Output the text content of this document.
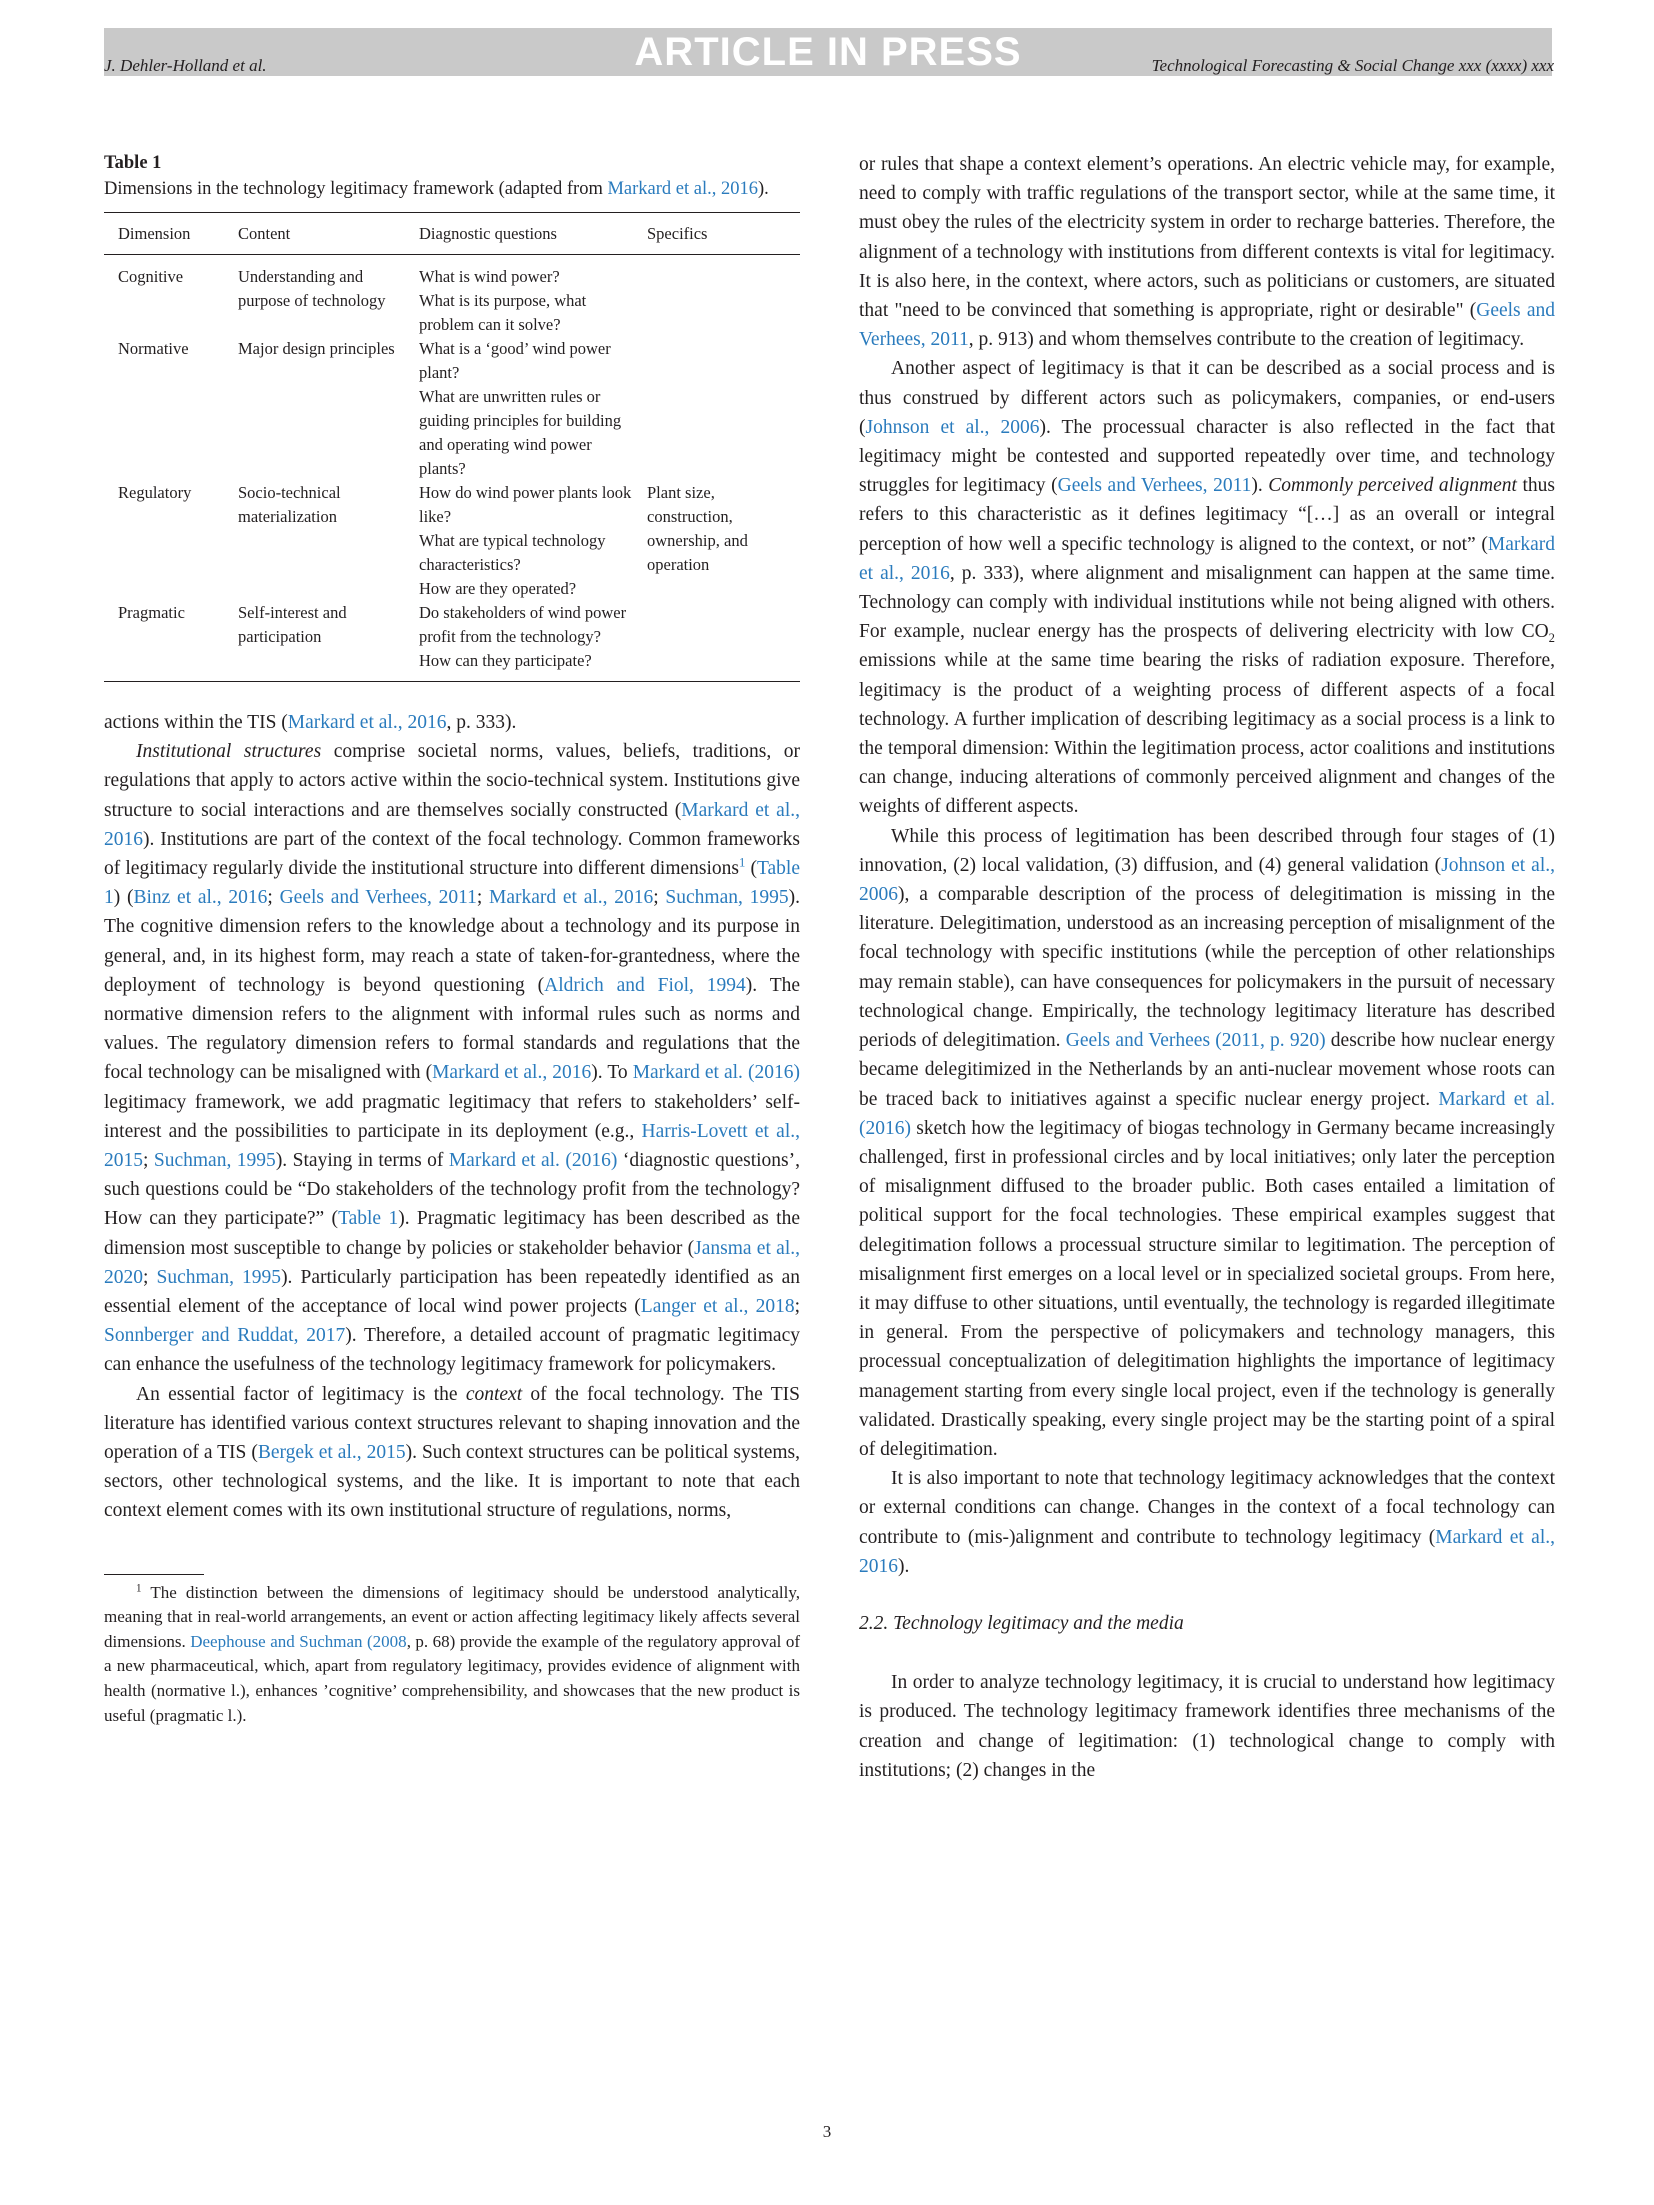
ARTICLE IN PRESS
J. Dehler-Holland et al.	Technological Forecasting & Social Change xxx (xxxx) xxx
Table 1
Dimensions in the technology legitimacy framework (adapted from Markard et al., 2016).
Dimension	Content	Diagnostic questions	Specifics
Cognitive	Understanding and purpose of technology	What is wind power?
What is its purpose, what problem can it solve?	
Normative	Major design principles	What is a ‘good’ wind power plant?
What are unwritten rules or guiding principles for building and operating wind power plants?	
Regulatory	Socio-technical materialization	How do wind power plants look like?
What are typical technology characteristics?
How are they operated?	Plant size, construction, ownership, and operation
Pragmatic	Self-interest and participation	Do stakeholders of wind power profit from the technology? How can they participate?	

actions within the TIS (Markard et al., 2016, p. 333).

Institutional structures comprise societal norms, values, beliefs, traditions, or regulations that apply to actors active within the socio-technical system. Institutions give structure to social interactions and are themselves socially constructed (Markard et al., 2016). Institutions are part of the context of the focal technology. Common frameworks of legitimacy regularly divide the institutional structure into different dimensions$^1$ (Table 1) (Binz et al., 2016; Geels and Verhees, 2011; Markard et al., 2016; Suchman, 1995). The cognitive dimension refers to the knowledge about a technology and its purpose in general, and, in its highest form, may reach a state of taken-for-grantedness, where the deployment of technology is beyond questioning (Aldrich and Fiol, 1994). The normative dimension refers to the alignment with informal rules such as norms and values. The regulatory dimension refers to formal standards and regulations that the focal technology can be misaligned with (Markard et al., 2016). To Markard et al. (2016) legitimacy framework, we add pragmatic legitimacy that refers to stakeholders’ self-interest and the possibilities to participate in its deployment (e.g., Harris-Lovett et al., 2015; Suchman, 1995). Staying in terms of Markard et al. (2016) ‘diagnostic questions’, such questions could be “Do stakeholders of the technology profit from the technology? How can they participate?” (Table 1). Pragmatic legitimacy has been described as the dimension most susceptible to change by policies or stakeholder behavior (Jansma et al., 2020; Suchman, 1995). Particularly participation has been repeatedly identified as an essential element of the acceptance of local wind power projects (Langer et al., 2018; Sonnberger and Ruddat, 2017). Therefore, a detailed account of pragmatic legitimacy can enhance the usefulness of the technology legitimacy framework for policymakers.

An essential factor of legitimacy is the context of the focal technology. The TIS literature has identified various context structures relevant to shaping innovation and the operation of a TIS (Bergek et al., 2015). Such context structures can be political systems, sectors, other technological systems, and the like. It is important to note that each context element comes with its own institutional structure of regulations, norms,

$^1$ The distinction between the dimensions of legitimacy should be understood analytically, meaning that in real-world arrangements, an event or action affecting legitimacy likely affects several dimensions. Deephouse and Suchman (2008, p. 68) provide the example of the regulatory approval of a new pharmaceutical, which, apart from regulatory legitimacy, provides evidence of alignment with health (normative l.), enhances ’cognitive’ comprehensibility, and showcases that the new product is useful (pragmatic l.).

or rules that shape a context element’s operations. An electric vehicle may, for example, need to comply with traffic regulations of the transport sector, while at the same time, it must obey the rules of the electricity system in order to recharge batteries. Therefore, the alignment of a technology with institutions from different contexts is vital for legitimacy. It is also here, in the context, where actors, such as politicians or customers, are situated that "need to be convinced that something is appropriate, right or desirable" (Geels and Verhees, 2011, p. 913) and whom themselves contribute to the creation of legitimacy.

Another aspect of legitimacy is that it can be described as a social process and is thus construed by different actors such as policymakers, companies, or end-users (Johnson et al., 2006). The processual character is also reflected in the fact that legitimacy might be contested and supported repeatedly over time, and technology struggles for legitimacy (Geels and Verhees, 2011). Commonly perceived alignment thus refers to this characteristic as it defines legitimacy “[…] as an overall or integral perception of how well a specific technology is aligned to the context, or not” (Markard et al., 2016, p. 333), where alignment and misalignment can happen at the same time. Technology can comply with individual institutions while not being aligned with others. For example, nuclear energy has the prospects of delivering electricity with low $CO_2$ emissions while at the same time bearing the risks of radiation exposure. Therefore, legitimacy is the product of a weighting process of different aspects of a focal technology. A further implication of describing legitimacy as a social process is a link to the temporal dimension: Within the legitimation process, actor coalitions and institutions can change, inducing alterations of commonly perceived alignment and changes of the weights of different aspects.

While this process of legitimation has been described through four stages of (1) innovation, (2) local validation, (3) diffusion, and (4) general validation (Johnson et al., 2006), a comparable description of the process of delegitimation is missing in the literature. Delegitimation, understood as an increasing perception of misalignment of the focal technology with specific institutions (while the perception of other relationships may remain stable), can have consequences for policymakers in the pursuit of necessary technological change. Empirically, the technology legitimacy literature has described periods of delegitimation. Geels and Verhees (2011, p. 920) describe how nuclear energy became delegitimized in the Netherlands by an anti-nuclear movement whose roots can be traced back to initiatives against a specific nuclear energy project. Markard et al. (2016) sketch how the legitimacy of biogas technology in Germany became increasingly challenged, first in professional circles and by local initiatives; only later the perception of misalignment diffused to the broader public. Both cases entailed a limitation of political support for the focal technologies. These empirical examples suggest that delegitimation follows a processual structure similar to legitimation. The perception of misalignment first emerges on a local level or in specialized societal groups. From here, it may diffuse to other situations, until eventually, the technology is regarded illegitimate in general. From the perspective of policymakers and technology managers, this processual conceptualization of delegitimation highlights the importance of legitimacy management starting from every single local project, even if the technology is generally validated. Drastically speaking, every single project may be the starting point of a spiral of delegitimation.

It is also important to note that technology legitimacy acknowledges that the context or external conditions can change. Changes in the context of a focal technology can contribute to (mis-)alignment and contribute to technology legitimacy (Markard et al., 2016).

2.2. Technology legitimacy and the media

In order to analyze technology legitimacy, it is crucial to understand how legitimacy is produced. The technology legitimacy framework identifies three mechanisms of the creation and change of legitimation: (1) technological change to comply with institutions; (2) changes in the

3
